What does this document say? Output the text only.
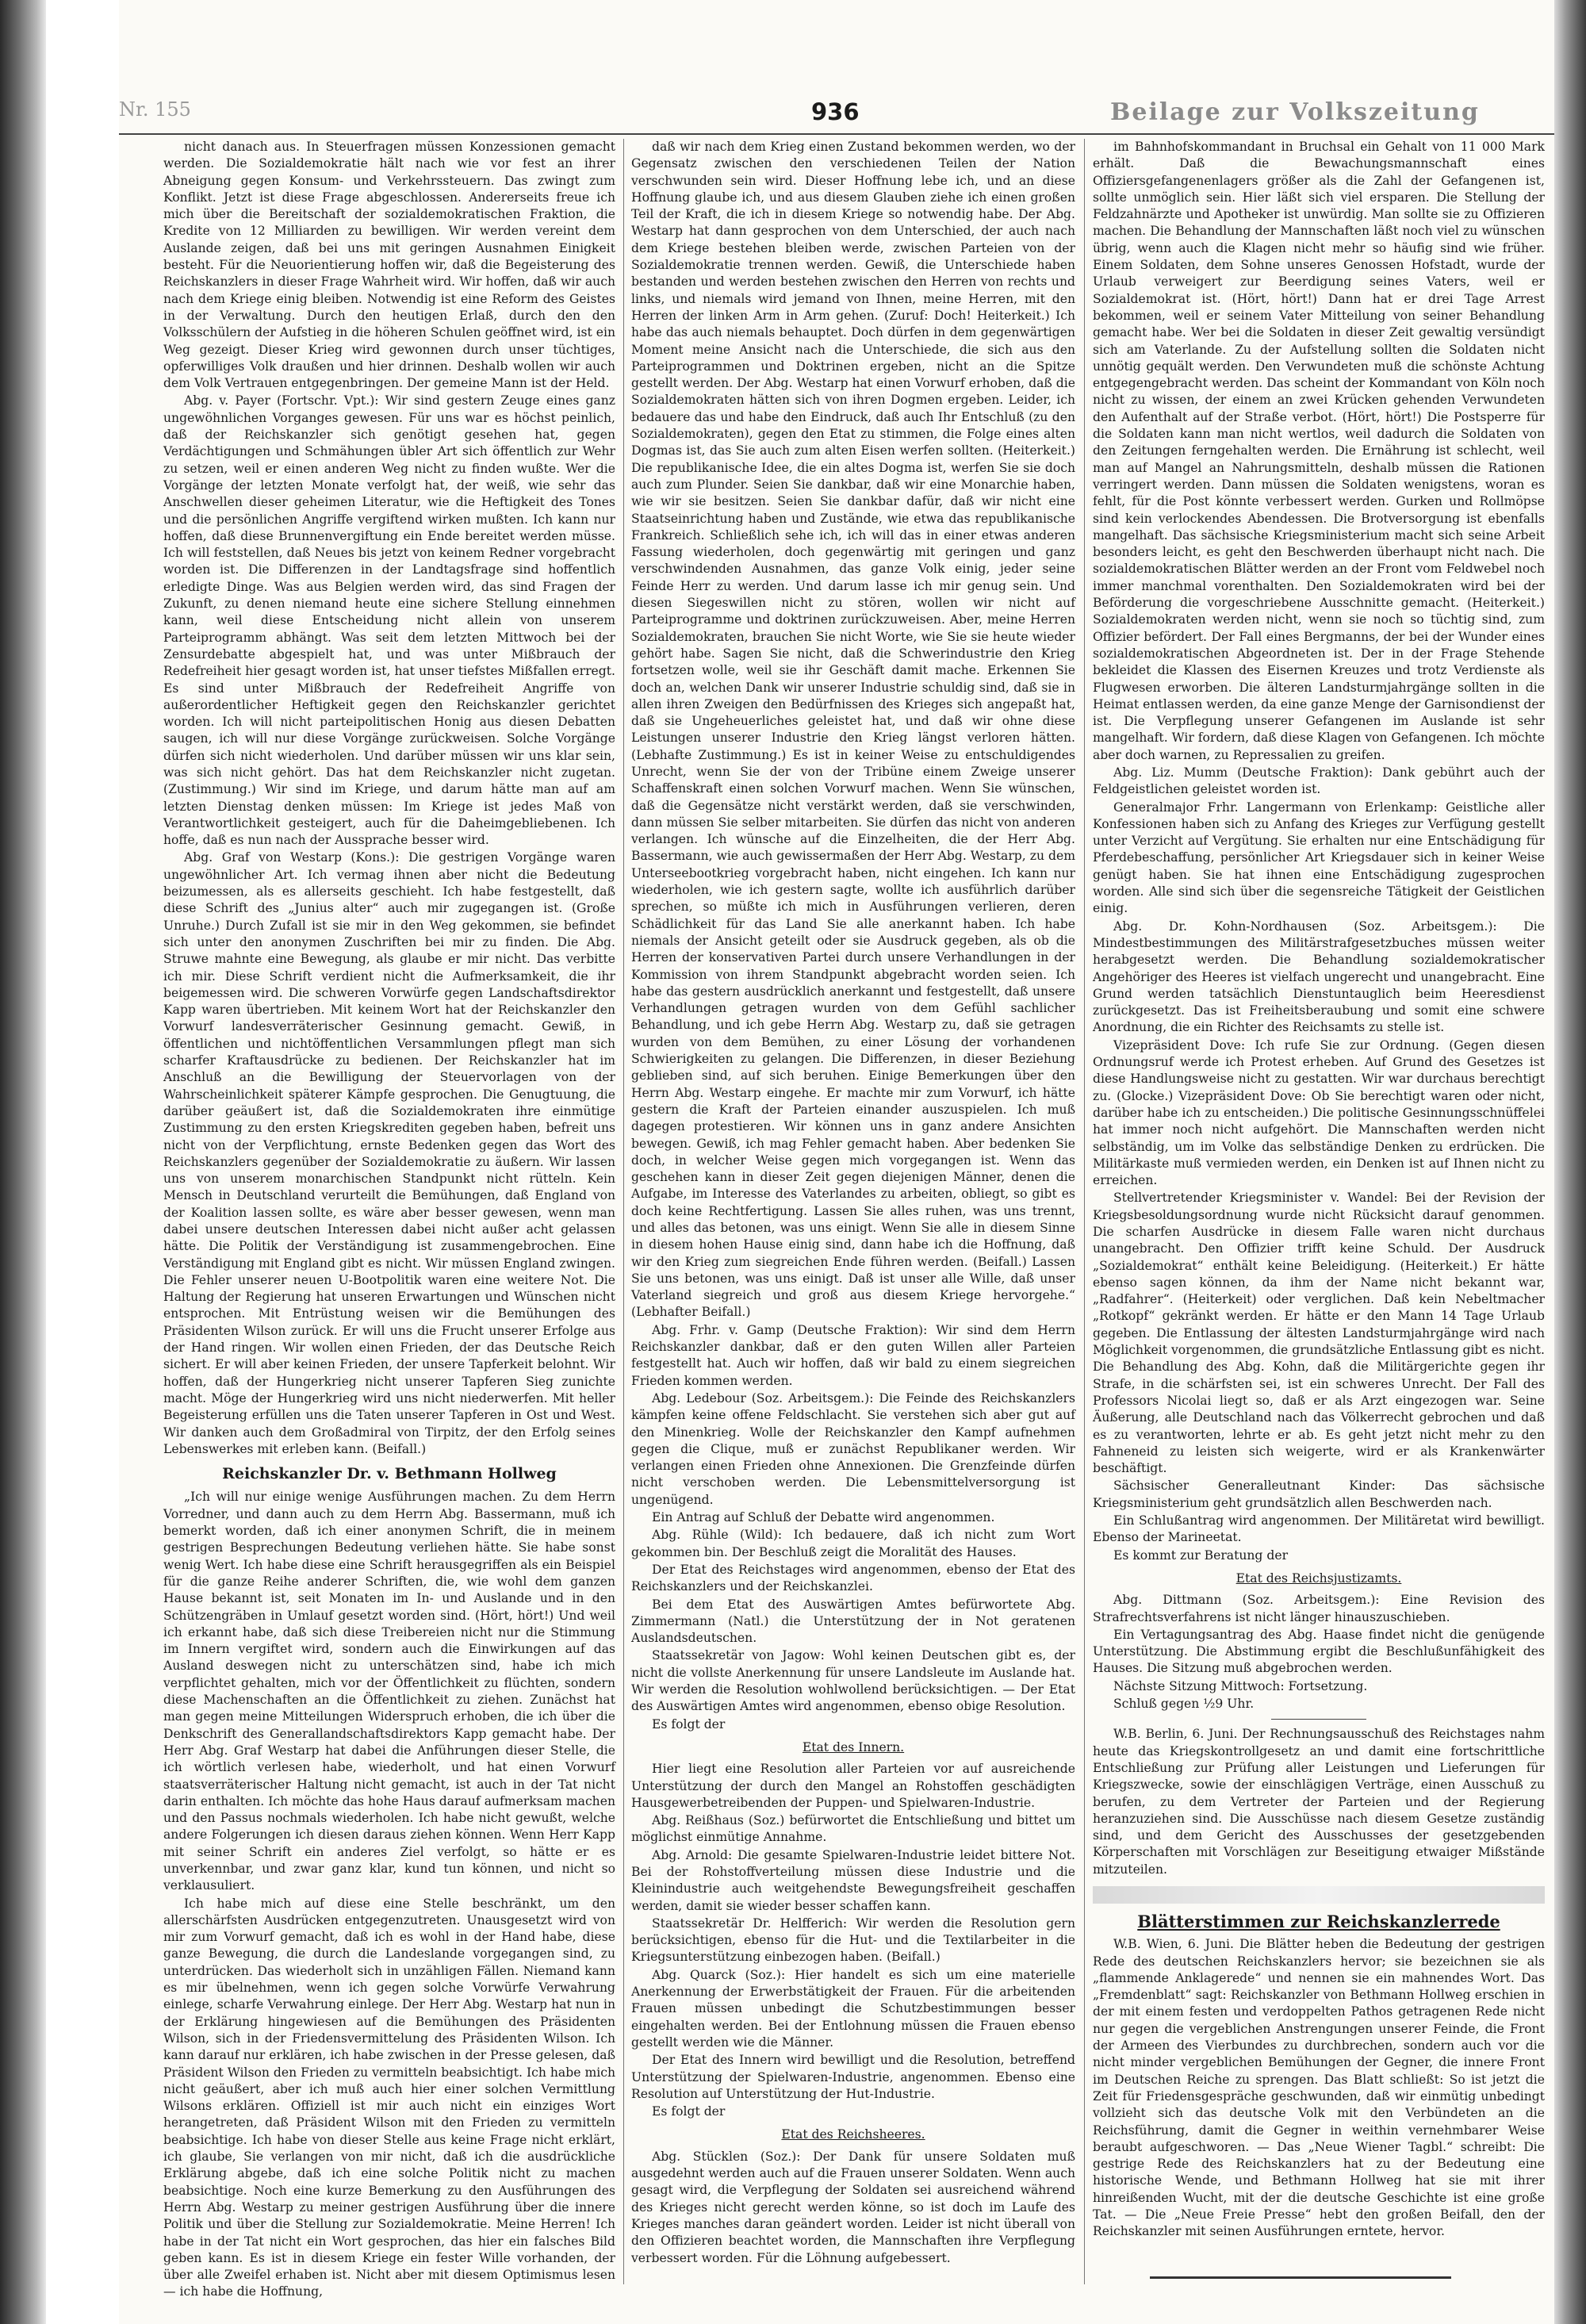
Nr. 155	936	Beilage zur Volkszeitung

nicht danach aus. In Steuerfragen müssen Konzessionen gemacht werden. Die Sozialdemokratie hält nach wie vor fest an ihrer Abneigung gegen Konsum- und Verkehrssteuern. Das zwingt zum Konflikt. Jetzt ist diese Frage abgeschlossen. Andererseits freue ich mich über die Bereitschaft der sozialdemokratischen Fraktion, die Kredite von 12 Milliarden zu bewilligen. Wir werden vereint dem Auslande zeigen, daß bei uns mit geringen Ausnahmen Einigkeit besteht. Für die Neuorientierung hoffen wir, daß die Begeisterung des Reichskanzlers in dieser Frage Wahrheit wird. Wir hoffen, daß wir auch nach dem Kriege einig bleiben. Notwendig ist eine Reform des Geistes in der Verwaltung. Durch den heutigen Erlaß, durch den den Volksschülern der Aufstieg in die höheren Schulen geöffnet wird, ist ein Weg gezeigt. Dieser Krieg wird gewonnen durch unser tüchtiges, opferwilliges Volk draußen und hier drinnen. Deshalb wollen wir auch dem Volk Vertrauen entgegenbringen. Der gemeine Mann ist der Held.

Abg. v. Payer (Fortschr. Vpt.): Wir sind gestern Zeuge eines ganz ungewöhnlichen Vorganges gewesen. Für uns war es höchst peinlich, daß der Reichskanzler sich genötigt gesehen hat, gegen Verdächtigungen und Schmähungen übler Art sich öffentlich zur Wehr zu setzen, weil er einen anderen Weg nicht zu finden wußte. Wer die Vorgänge der letzten Monate verfolgt hat, der weiß, wie sehr das Anschwellen dieser geheimen Literatur, wie die Heftigkeit des Tones und die persönlichen Angriffe vergiftend wirken mußten. Ich kann nur hoffen, daß diese Brunnenvergiftung ein Ende bereitet werden müsse. Ich will feststellen, daß Neues bis jetzt von keinem Redner vorgebracht worden ist. Die Differenzen in der Landtagsfrage sind hoffentlich erledigte Dinge. Was aus Belgien werden wird, das sind Fragen der Zukunft, zu denen niemand heute eine sichere Stellung einnehmen kann, weil diese Entscheidung nicht allein von unserem Parteiprogramm abhängt. Was seit dem letzten Mittwoch bei der Zensurdebatte abgespielt hat, und was unter Mißbrauch der Redefreiheit hier gesagt worden ist, hat unser tiefstes Mißfallen erregt. Es sind unter Mißbrauch der Redefreiheit Angriffe von außerordentlicher Heftigkeit gegen den Reichskanzler gerichtet worden. Ich will nicht parteipolitischen Honig aus diesen Debatten saugen, ich will nur diese Vorgänge zurückweisen. Solche Vorgänge dürfen sich nicht wiederholen. Und darüber müssen wir uns klar sein, was sich nicht gehört. Das hat dem Reichskanzler nicht zugetan. (Zustimmung.) Wir sind im Kriege, und darum hätte man auf am letzten Dienstag denken müssen: Im Kriege ist jedes Maß von Verantwortlichkeit gesteigert, auch für die Daheimgebliebenen. Ich hoffe, daß es nun nach der Aussprache besser wird.

Abg. Graf von Westarp (Kons.): Die gestrigen Vorgänge waren ungewöhnlicher Art. Ich vermag ihnen aber nicht die Bedeutung beizumessen, als es allerseits geschieht. Ich habe festgestellt, daß diese Schrift des „Junius alter“ auch mir zugegangen ist. (Große Unruhe.) Durch Zufall ist sie mir in den Weg gekommen, sie befindet sich unter den anonymen Zuschriften bei mir zu finden. Die Abg. Struwe mahnte eine Bewegung, als glaube er mir nicht. Das verbitte ich mir. Diese Schrift verdient nicht die Aufmerksamkeit, die ihr beigemessen wird. Die schweren Vorwürfe gegen Landschaftsdirektor Kapp waren übertrieben. Mit keinem Wort hat der Reichskanzler den Vorwurf landesverräterischer Gesinnung gemacht. Gewiß, in öffentlichen und nichtöffentlichen Versammlungen pflegt man sich scharfer Kraftausdrücke zu bedienen. Der Reichskanzler hat im Anschluß an die Bewilligung der Steuervorlagen von der Wahrscheinlichkeit späterer Kämpfe gesprochen. Die Genugtuung, die darüber geäußert ist, daß die Sozialdemokraten ihre einmütige Zustimmung zu den ersten Kriegskrediten gegeben haben, befreit uns nicht von der Verpflichtung, ernste Bedenken gegen das Wort des Reichskanzlers gegenüber der Sozialdemokratie zu äußern. Wir lassen uns von unserem monarchischen Standpunkt nicht rütteln. Kein Mensch in Deutschland verurteilt die Bemühungen, daß England von der Koalition lassen sollte, es wäre aber besser gewesen, wenn man dabei unsere deutschen Interessen dabei nicht außer acht gelassen hätte. Die Politik der Verständigung ist zusammengebrochen. Eine Verständigung mit England gibt es nicht. Wir müssen England zwingen. Die Fehler unserer neuen U-Bootpolitik waren eine weitere Not. Die Haltung der Regierung hat unseren Erwartungen und Wünschen nicht entsprochen. Mit Entrüstung weisen wir die Bemühungen des Präsidenten Wilson zurück. Er will uns die Frucht unserer Erfolge aus der Hand ringen. Wir wollen einen Frieden, der das Deutsche Reich sichert. Er will aber keinen Frieden, der unsere Tapferkeit belohnt. Wir hoffen, daß der Hungerkrieg nicht unserer Tapferen Sieg zunichte macht. Möge der Hungerkrieg wird uns nicht niederwerfen. Mit heller Begeisterung erfüllen uns die Taten unserer Tapferen in Ost und West. Wir danken auch dem Großadmiral von Tirpitz, der den Erfolg seines Lebenswerkes mit erleben kann. (Beifall.)

Reichskanzler Dr. v. Bethmann Hollweg

„Ich will nur einige wenige Ausführungen machen. Zu dem Herrn Vorredner, und dann auch zu dem Herrn Abg. Bassermann, muß ich bemerkt worden, daß ich einer anonymen Schrift, die in meinem gestrigen Besprechungen Bedeutung verliehen hätte. Sie habe sonst wenig Wert. Ich habe diese eine Schrift herausgegriffen als ein Beispiel für die ganze Reihe anderer Schriften, die, wie wohl dem ganzen Hause bekannt ist, seit Monaten im In- und Auslande und in den Schützengräben in Umlauf gesetzt worden sind. (Hört, hört!) Und weil ich erkannt habe, daß sich diese Treibereien nicht nur die Stimmung im Innern vergiftet wird, sondern auch die Einwirkungen auf das Ausland deswegen nicht zu unterschätzen sind, habe ich mich verpflichtet gehalten, mich vor der Öffentlichkeit zu flüchten, sondern diese Machenschaften an die Öffentlichkeit zu ziehen. Zunächst hat man gegen meine Mitteilungen Widerspruch erhoben, die ich über die Denkschrift des Generallandschaftsdirektors Kapp gemacht habe. Der Herr Abg. Graf Westarp hat dabei die Anführungen dieser Stelle, die ich wörtlich verlesen habe, wiederholt, und hat einen Vorwurf staatsverräterischer Haltung nicht gemacht, ist auch in der Tat nicht darin enthalten. Ich möchte das hohe Haus darauf aufmerksam machen und den Passus nochmals wiederholen. Ich habe nicht gewußt, welche andere Folgerungen ich diesen daraus ziehen können. Wenn Herr Kapp mit seiner Schrift ein anderes Ziel verfolgt, so hätte er es unverkennbar, und zwar ganz klar, kund tun können, und nicht so verklausuliert.

Ich habe mich auf diese eine Stelle beschränkt, um den allerschärfsten Ausdrücken entgegenzutreten. Unausgesetzt wird von mir zum Vorwurf gemacht, daß ich es wohl in der Hand habe, diese ganze Bewegung, die durch die Landeslande vorgegangen sind, zu unterdrücken. Das wiederholt sich in unzähligen Fällen. Niemand kann es mir übelnehmen, wenn ich gegen solche Vorwürfe Verwahrung einlege, scharfe Verwahrung einlege. Der Herr Abg. Westarp hat nun in der Erklärung hingewiesen auf die Bemühungen des Präsidenten Wilson, sich in der Friedensvermittelung des Präsidenten Wilson. Ich kann darauf nur erklären, ich habe zwischen in der Presse gelesen, daß Präsident Wilson den Frieden zu vermitteln beabsichtigt. Ich habe mich nicht geäußert, aber ich muß auch hier einer solchen Vermittlung Wilsons erklären. Offiziell ist mir auch nicht ein einziges Wort herangetreten, daß Präsident Wilson mit den Frieden zu vermitteln beabsichtige. Ich habe von dieser Stelle aus keine Frage nicht erklärt, ich glaube, Sie verlangen von mir nicht, daß ich die ausdrückliche Erklärung abgebe, daß ich eine solche Politik nicht zu machen beabsichtige. Noch eine kurze Bemerkung zu den Ausführungen des Herrn Abg. Westarp zu meiner gestrigen Ausführung über die innere Politik und über die Stellung zur Sozialdemokratie. Meine Herren! Ich habe in der Tat nicht ein Wort gesprochen, das hier ein falsches Bild geben kann. Es ist in diesem Kriege ein fester Wille vorhanden, der über alle Zweifel erhaben ist. Nicht aber mit diesem Optimismus lesen — ich habe die Hoffnung,

daß wir nach dem Krieg einen Zustand bekommen werden, wo der Gegensatz zwischen den verschiedenen Teilen der Nation verschwunden sein wird. Dieser Hoffnung lebe ich, und an diese Hoffnung glaube ich, und aus diesem Glauben ziehe ich einen großen Teil der Kraft, die ich in diesem Kriege so notwendig habe. Der Abg. Westarp hat dann gesprochen von dem Unterschied, der auch nach dem Kriege bestehen bleiben werde, zwischen Parteien von der Sozialdemokratie trennen werden. Gewiß, die Unterschiede haben bestanden und werden bestehen zwischen den Herren von rechts und links, und niemals wird jemand von Ihnen, meine Herren, mit den Herren der linken Arm in Arm gehen. (Zuruf: Doch! Heiterkeit.) Ich habe das auch niemals behauptet. Doch dürfen in dem gegenwärtigen Moment meine Ansicht nach die Unterschiede, die sich aus den Parteiprogrammen und Doktrinen ergeben, nicht an die Spitze gestellt werden. Der Abg. Westarp hat einen Vorwurf erhoben, daß die Sozialdemokraten hätten sich von ihren Dogmen ergeben. Leider, ich bedauere das und habe den Eindruck, daß auch Ihr Entschluß (zu den Sozialdemokraten), gegen den Etat zu stimmen, die Folge eines alten Dogmas ist, das Sie auch zum alten Eisen werfen sollten. (Heiterkeit.) Die republikanische Idee, die ein altes Dogma ist, werfen Sie sie doch auch zum Plunder. Seien Sie dankbar, daß wir eine Monarchie haben, wie wir sie besitzen. Seien Sie dankbar dafür, daß wir nicht eine Staatseinrichtung haben und Zustände, wie etwa das republikanische Frankreich. Schließlich sehe ich, ich will das in einer etwas anderen Fassung wiederholen, doch gegenwärtig mit geringen und ganz verschwindenden Ausnahmen, das ganze Volk einig, jeder seine Feinde Herr zu werden. Und darum lasse ich mir genug sein. Und diesen Siegeswillen nicht zu stören, wollen wir nicht auf Parteiprogramme und doktrinen zurückzuweisen. Aber, meine Herren Sozialdemokraten, brauchen Sie nicht Worte, wie Sie sie heute wieder gehört habe. Sagen Sie nicht, daß die Schwerindustrie den Krieg fortsetzen wolle, weil sie ihr Geschäft damit mache. Erkennen Sie doch an, welchen Dank wir unserer Industrie schuldig sind, daß sie in allen ihren Zweigen den Bedürfnissen des Krieges sich angepaßt hat, daß sie Ungeheuerliches geleistet hat, und daß wir ohne diese Leistungen unserer Industrie den Krieg längst verloren hätten. (Lebhafte Zustimmung.) Es ist in keiner Weise zu entschuldigendes Unrecht, wenn Sie der von der Tribüne einem Zweige unserer Schaffenskraft einen solchen Vorwurf machen. Wenn Sie wünschen, daß die Gegensätze nicht verstärkt werden, daß sie verschwinden, dann müssen Sie selber mitarbeiten. Sie dürfen das nicht von anderen verlangen. Ich wünsche auf die Einzelheiten, die der Herr Abg. Bassermann, wie auch gewissermaßen der Herr Abg. Westarp, zu dem Unterseebootkrieg vorgebracht haben, nicht eingehen. Ich kann nur wiederholen, wie ich gestern sagte, wollte ich ausführlich darüber sprechen, so müßte ich mich in Ausführungen verlieren, deren Schädlichkeit für das Land Sie alle anerkannt haben. Ich habe niemals der Ansicht geteilt oder sie Ausdruck gegeben, als ob die Herren der konservativen Partei durch unsere Verhandlungen in der Kommission von ihrem Standpunkt abgebracht worden seien. Ich habe das gestern ausdrücklich anerkannt und festgestellt, daß unsere Verhandlungen getragen wurden von dem Gefühl sachlicher Behandlung, und ich gebe Herrn Abg. Westarp zu, daß sie getragen wurden von dem Bemühen, zu einer Lösung der vorhandenen Schwierigkeiten zu gelangen. Die Differenzen, in dieser Beziehung geblieben sind, auf sich beruhen. Einige Bemerkungen über den Herrn Abg. Westarp eingehe. Er machte mir zum Vorwurf, ich hätte gestern die Kraft der Parteien einander auszuspielen. Ich muß dagegen protestieren. Wir können uns in ganz andere Ansichten bewegen. Gewiß, ich mag Fehler gemacht haben. Aber bedenken Sie doch, in welcher Weise gegen mich vorgegangen ist. Wenn das geschehen kann in dieser Zeit gegen diejenigen Männer, denen die Aufgabe, im Interesse des Vaterlandes zu arbeiten, obliegt, so gibt es doch keine Rechtfertigung. Lassen Sie alles ruhen, was uns trennt, und alles das betonen, was uns einigt. Wenn Sie alle in diesem Sinne in diesem hohen Hause einig sind, dann habe ich die Hoffnung, daß wir den Krieg zum siegreichen Ende führen werden. (Beifall.) Lassen Sie uns betonen, was uns einigt. Daß ist unser alle Wille, daß unser Vaterland siegreich und groß aus diesem Kriege hervorgehe.“ (Lebhafter Beifall.)

Abg. Frhr. v. Gamp (Deutsche Fraktion): Wir sind dem Herrn Reichskanzler dankbar, daß er den guten Willen aller Parteien festgestellt hat. Auch wir hoffen, daß wir bald zu einem siegreichen Frieden kommen werden.

Abg. Ledebour (Soz. Arbeitsgem.): Die Feinde des Reichskanzlers kämpfen keine offene Feldschlacht. Sie verstehen sich aber gut auf den Minenkrieg. Wolle der Reichskanzler den Kampf aufnehmen gegen die Clique, muß er zunächst Republikaner werden. Wir verlangen einen Frieden ohne Annexionen. Die Grenzfeinde dürfen nicht verschoben werden. Die Lebensmittelversorgung ist ungenügend.

Ein Antrag auf Schluß der Debatte wird angenommen.

Abg. Rühle (Wild): Ich bedauere, daß ich nicht zum Wort gekommen bin. Der Beschluß zeigt die Moralität des Hauses.

Der Etat des Reichstages wird angenommen, ebenso der Etat des Reichskanzlers und der Reichskanzlei.

Bei dem Etat des Auswärtigen Amtes befürwortete Abg. Zimmermann (Natl.) die Unterstützung der in Not geratenen Auslandsdeutschen.

Staatssekretär von Jagow: Wohl keinen Deutschen gibt es, der nicht die vollste Anerkennung für unsere Landsleute im Auslande hat. Wir werden die Resolution wohlwollend berücksichtigen. — Der Etat des Auswärtigen Amtes wird angenommen, ebenso obige Resolution.

Es folgt der

Etat des Innern.

Hier liegt eine Resolution aller Parteien vor auf ausreichende Unterstützung der durch den Mangel an Rohstoffen geschädigten Hausgewerbetreibenden der Puppen- und Spielwaren-Industrie.

Abg. Reißhaus (Soz.) befürwortet die Entschließung und bittet um möglichst einmütige Annahme.

Abg. Arnold: Die gesamte Spielwaren-Industrie leidet bittere Not. Bei der Rohstoffverteilung müssen diese Industrie und die Kleinindustrie auch weitgehendste Bewegungsfreiheit geschaffen werden, damit sie wieder besser schaffen kann.

Staatssekretär Dr. Helfferich: Wir werden die Resolution gern berücksichtigen, ebenso für die Hut- und die Textilarbeiter in die Kriegsunterstützung einbezogen haben. (Beifall.)

Abg. Quarck (Soz.): Hier handelt es sich um eine materielle Anerkennung der Erwerbstätigkeit der Frauen. Für die arbeitenden Frauen müssen unbedingt die Schutzbestimmungen besser eingehalten werden. Bei der Entlohnung müssen die Frauen ebenso gestellt werden wie die Männer.

Der Etat des Innern wird bewilligt und die Resolution, betreffend Unterstützung der Spielwaren-Industrie, angenommen. Ebenso eine Resolution auf Unterstützung der Hut-Industrie.

Es folgt der

Etat des Reichsheeres.

Abg. Stücklen (Soz.): Der Dank für unsere Soldaten muß ausgedehnt werden auch auf die Frauen unserer Soldaten. Wenn auch gesagt wird, die Verpflegung der Soldaten sei ausreichend während des Krieges nicht gerecht werden könne, so ist doch im Laufe des Krieges manches daran geändert worden. Leider ist nicht überall von den Offizieren beachtet worden, die Mannschaften ihre Verpflegung verbessert worden. Für die Löhnung aufgebessert.

im Bahnhofskommandant in Bruchsal ein Gehalt von 11 000 Mark erhält. Daß die Bewachungsmannschaft eines Offiziersgefangenenlagers größer als die Zahl der Gefangenen ist, sollte unmöglich sein. Hier läßt sich viel ersparen. Die Stellung der Feldzahnärzte und Apotheker ist unwürdig. Man sollte sie zu Offizieren machen. Die Behandlung der Mannschaften läßt noch viel zu wünschen übrig, wenn auch die Klagen nicht mehr so häufig sind wie früher. Einem Soldaten, dem Sohne unseres Genossen Hofstadt, wurde der Urlaub verweigert zur Beerdigung seines Vaters, weil er Sozialdemokrat ist. (Hört, hört!) Dann hat er drei Tage Arrest bekommen, weil er seinem Vater Mitteilung von seiner Behandlung gemacht habe. Wer bei die Soldaten in dieser Zeit gewaltig versündigt sich am Vaterlande. Zu der Aufstellung sollten die Soldaten nicht unnötig gequält werden. Den Verwundeten muß die schönste Achtung entgegengebracht werden. Das scheint der Kommandant von Köln noch nicht zu wissen, der einem an zwei Krücken gehenden Verwundeten den Aufenthalt auf der Straße verbot. (Hört, hört!) Die Postsperre für die Soldaten kann man nicht wertlos, weil dadurch die Soldaten von den Zeitungen ferngehalten werden. Die Ernährung ist schlecht, weil man auf Mangel an Nahrungsmitteln, deshalb müssen die Rationen verringert werden. Dann müssen die Soldaten wenigstens, woran es fehlt, für die Post könnte verbessert werden. Gurken und Rollmöpse sind kein verlockendes Abendessen. Die Brotversorgung ist ebenfalls mangelhaft. Das sächsische Kriegsministerium macht sich seine Arbeit besonders leicht, es geht den Beschwerden überhaupt nicht nach. Die sozialdemokratischen Blätter werden an der Front vom Feldwebel noch immer manchmal vorenthalten. Den Sozialdemokraten wird bei der Beförderung die vorgeschriebene Ausschnitte gemacht. (Heiterkeit.) Sozialdemokraten werden nicht, wenn sie noch so tüchtig sind, zum Offizier befördert. Der Fall eines Bergmanns, der bei der Wunder eines sozialdemokratischen Abgeordneten ist. Der in der Frage Stehende bekleidet die Klassen des Eisernen Kreuzes und trotz Verdienste als Flugwesen erworben. Die älteren Landsturmjahrgänge sollten in die Heimat entlassen werden, da eine ganze Menge der Garnisondienst der ist. Die Verpflegung unserer Gefangenen im Auslande ist sehr mangelhaft. Wir fordern, daß diese Klagen von Gefangenen. Ich möchte aber doch warnen, zu Repressalien zu greifen.

Abg. Liz. Mumm (Deutsche Fraktion): Dank gebührt auch der Feldgeistlichen geleistet worden ist.

Generalmajor Frhr. Langermann von Erlenkamp: Geistliche aller Konfessionen haben sich zu Anfang des Krieges zur Verfügung gestellt unter Verzicht auf Vergütung. Sie erhalten nur eine Entschädigung für Pferdebeschaffung, persönlicher Art Kriegsdauer sich in keiner Weise genügt haben. Sie hat ihnen eine Entschädigung zugesprochen worden. Alle sind sich über die segensreiche Tätigkeit der Geistlichen einig.

Abg. Dr. Kohn-Nordhausen (Soz. Arbeitsgem.): Die Mindestbestimmungen des Militärstrafgesetzbuches müssen weiter herabgesetzt werden. Die Behandlung sozialdemokratischer Angehöriger des Heeres ist vielfach ungerecht und unangebracht. Eine Grund werden tatsächlich Dienstuntauglich beim Heeresdienst zurückgesetzt. Das ist Freiheitsberaubung und somit eine schwere Anordnung, die ein Richter des Reichsamts zu stelle ist.

Vizepräsident Dove: Ich rufe Sie zur Ordnung. (Gegen diesen Ordnungsruf werde ich Protest erheben. Auf Grund des Gesetzes ist diese Handlungsweise nicht zu gestatten. Wir war durchaus berechtigt zu. (Glocke.) Vizepräsident Dove: Ob Sie berechtigt waren oder nicht, darüber habe ich zu entscheiden.) Die politische Gesinnungsschnüffelei hat immer noch nicht aufgehört. Die Mannschaften werden nicht selbständig, um im Volke das selbständige Denken zu erdrücken. Die Militärkaste muß vermieden werden, ein Denken ist auf Ihnen nicht zu erreichen.

Stellvertretender Kriegsminister v. Wandel: Bei der Revision der Kriegsbesoldungsordnung wurde nicht Rücksicht darauf genommen. Die scharfen Ausdrücke in diesem Falle waren nicht durchaus unangebracht. Den Offizier trifft keine Schuld. Der Ausdruck „Sozialdemokrat“ enthält keine Beleidigung. (Heiterkeit.) Er hätte ebenso sagen können, da ihm der Name nicht bekannt war, „Radfahrer“. (Heiterkeit) oder verglichen. Daß kein Nebeltmacher „Rotkopf“ gekränkt werden. Er hätte er den Mann 14 Tage Urlaub gegeben. Die Entlassung der ältesten Landsturmjahrgänge wird nach Möglichkeit vorgenommen, die grundsätzliche Entlassung gibt es nicht. Die Behandlung des Abg. Kohn, daß die Militärgerichte gegen ihr Strafe, in die schärfsten sei, ist ein schweres Unrecht. Der Fall des Professors Nicolai liegt so, daß er als Arzt eingezogen war. Seine Äußerung, alle Deutschland nach das Völkerrecht gebrochen und daß es zu verantworten, lehrte er ab. Es geht jetzt nicht mehr zu den Fahneneid zu leisten sich weigerte, wird er als Krankenwärter beschäftigt.

Sächsischer Generalleutnant Kinder: Das sächsische Kriegsministerium geht grundsätzlich allen Beschwerden nach.

Ein Schlußantrag wird angenommen. Der Militäretat wird bewilligt. Ebenso der Marineetat.

Es kommt zur Beratung der

Etat des Reichsjustizamts.

Abg. Dittmann (Soz. Arbeitsgem.): Eine Revision des Strafrechtsverfahrens ist nicht länger hinauszuschieben.

Ein Vertagungsantrag des Abg. Haase findet nicht die genügende Unterstützung. Die Abstimmung ergibt die Beschlußunfähigkeit des Hauses. Die Sitzung muß abgebrochen werden.

Nächste Sitzung Mittwoch: Fortsetzung.

Schluß gegen ½9 Uhr.

W.B. Berlin, 6. Juni. Der Rechnungsausschuß des Reichstages nahm heute das Kriegskontrollgesetz an und damit eine fortschrittliche Entschließung zur Prüfung aller Leistungen und Lieferungen für Kriegszwecke, sowie der einschlägigen Verträge, einen Ausschuß zu berufen, zu dem Vertreter der Parteien und der Regierung heranzuziehen sind. Die Ausschüsse nach diesem Gesetze zuständig sind, und dem Gericht des Ausschusses der gesetzgebenden Körperschaften mit Vorschlägen zur Beseitigung etwaiger Mißstände mitzuteilen.

Blätterstimmen zur Reichskanzlerrede

W.B. Wien, 6. Juni. Die Blätter heben die Bedeutung der gestrigen Rede des deutschen Reichskanzlers hervor; sie bezeichnen sie als „flammende Anklagerede“ und nennen sie ein mahnendes Wort. Das „Fremdenblatt“ sagt: Reichskanzler von Bethmann Hollweg erschien in der mit einem festen und verdoppelten Pathos getragenen Rede nicht nur gegen die vergeblichen Anstrengungen unserer Feinde, die Front der Armeen des Vierbundes zu durchbrechen, sondern auch vor die nicht minder vergeblichen Bemühungen der Gegner, die innere Front im Deutschen Reiche zu sprengen. Das Blatt schließt: So ist jetzt die Zeit für Friedensgespräche geschwunden, daß wir einmütig unbedingt vollzieht sich das deutsche Volk mit den Verbündeten an die Reichsführung, damit die Gegner in weithin vernehmbarer Weise beraubt aufgeschworen. — Das „Neue Wiener Tagbl.“ schreibt: Die gestrige Rede des Reichskanzlers hat zu der Bedeutung eine historische Wende, und Bethmann Hollweg hat sie mit ihrer hinreißenden Wucht, mit der die deutsche Geschichte ist eine große Tat. — Die „Neue Freie Presse“ hebt den großen Beifall, den der Reichskanzler mit seinen Ausführungen erntete, hervor.
